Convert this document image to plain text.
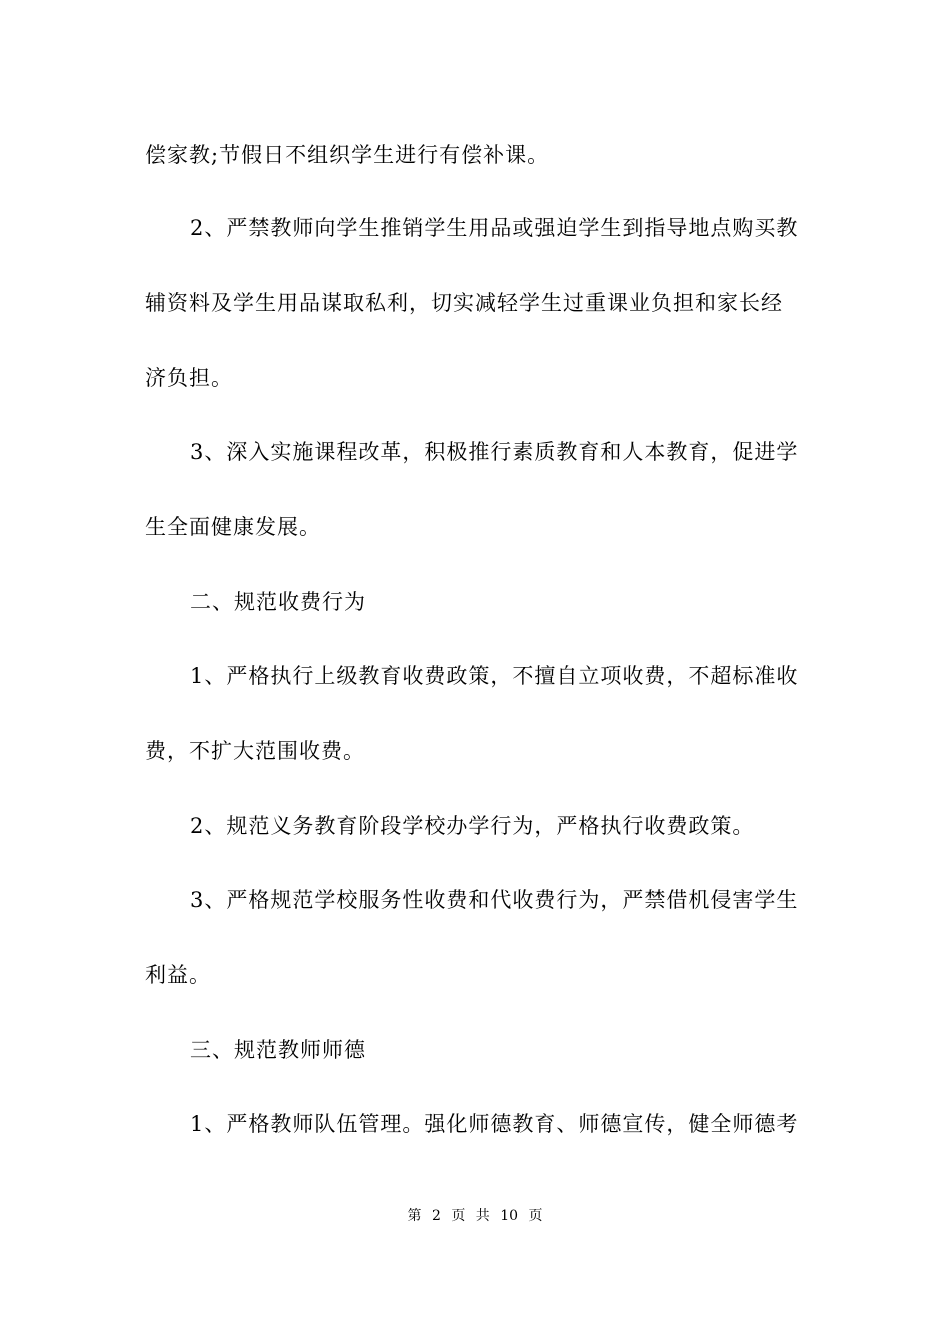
偿家教;节假日不组织学生进行有偿补课。
2、严禁教师向学生推销学生用品或强迫学生到指导地点购买教
辅资料及学生用品谋取私利，切实减轻学生过重课业负担和家长经
济负担。
3、深入实施课程改革，积极推行素质教育和人本教育，促进学
生全面健康发展。
二、规范收费行为
1、严格执行上级教育收费政策，不擅自立项收费，不超标准收
费，不扩大范围收费。
2、规范义务教育阶段学校办学行为，严格执行收费政策。
3、严格规范学校服务性收费和代收费行为，严禁借机侵害学生
利益。
三、规范教师师德
1、严格教师队伍管理。强化师德教育、师德宣传，健全师德考
第 2 页 共 10 页
